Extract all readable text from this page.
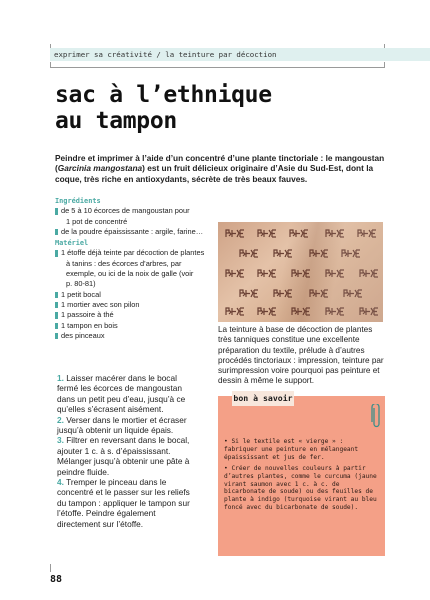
exprimer sa créativité / la teinture par décoction
sac à l’ethnique
au tampon
Peindre et imprimer à l’aide d’un concentré d’une plante tinctoriale : le mangoustan (Garcinia mangostana) est un fruit délicieux originaire d’Asie du Sud-Est, dont la coque, très riche en antioxydants, sécrète de très beaux fauves.
Ingrédients
de 5 à 10 écorces de mangoustan pour
1 pot de concentré
de la poudre épaississante : argile, farine…
Matériel
1 étoffe déjà teinte par décoction de plantes
à tanins : des écorces d’arbres, par
exemple, ou ici de la noix de galle (voir
p. 80-81)
1 petit bocal
1 mortier avec son pilon
1 passoire à thé
1 tampon en bois
des pinceaux
La teinture à base de décoction de plantes très tanniques constitue une excellente préparation du textile, prélude à d’autres procédés tinctoriaux : impression, teinture par surimpression voire pourquoi pas peinture et dessin à même le support.

1. Laisser macérer dans le bocal fermé les écorces de mangoustan dans un petit peu d’eau, jusqu’à ce qu’elles s’écrasent aisément.

2. Verser dans le mortier et écraser jusqu’à obtenir un liquide épais.

3. Filtrer en reversant dans le bocal, ajouter 1 c. à s. d’épaississant. Mélanger jusqu’à obtenir une pâte à peindre fluide.

4. Tremper le pinceau dans le concentré et le passer sur les reliefs du tampon : appliquer le tampon sur l’étoffe. Peindre également directement sur l’étoffe.

bon à savoir

• Si le textile est « vierge » : fabriquer une peinture en mélangeant épaississant et jus de fer.

• Créer de nouvelles couleurs à partir d’autres plantes, comme le curcuma (jaune virant saumon avec 1 c. à c. de bicarbonate de soude) ou des feuilles de plante à indigo (turquoise virant au bleu foncé avec du bicarbonate de soude).

88
